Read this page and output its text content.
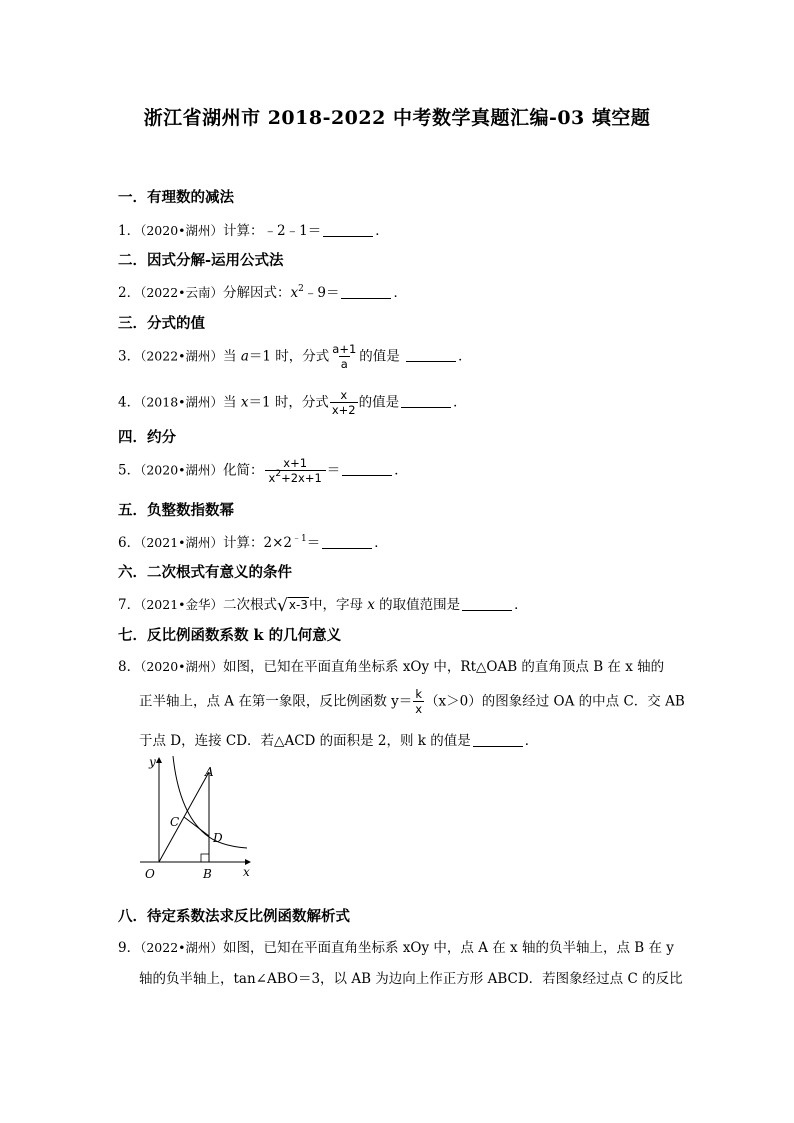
浙江省湖州市 2018-2022 中考数学真题汇编-03 填空题
一．有理数的减法
1．（2020•湖州）计算：﹣2﹣1＝	．
二．因式分解-运用公式法
2．（2022•云南）分解因式：$x^2﹣9=$	．
三．分式的值
3．（2022•湖州）当 a＝1 时，分式 $\frac{a+1}{a}$ 的值是	．
4．（2018•湖州）当 x＝1 时，分式 $\frac{x}{x+2}$ 的值是	．
四．约分
5．（2020•湖州）化简： $\frac{x+1}{x^2+2x+1}$ ＝	．
五．负整数指数幂
6．（2021•湖州）计算：$2\times 2^{﹣1}=$	．
六．二次根式有意义的条件
7．（2021•金华）二次根式√x-3中，字母 x 的取值范围是	．
七．反比例函数系数 k 的几何意义
8．（2020•湖州）如图，已知在平面直角坐标系 xOy 中，Rt△OAB 的直角顶点 B 在 x 轴的
正半轴上，点 A 在第一象限，反比例函数 $y= \frac{k}{x} (x>0)$的图象经过 OA 的中点 C．交 AB
于点 D，连接 CD．若△ACD 的面积是 2，则 k 的值是	．
y
x
O
A
B
C
D
八．待定系数法求反比例函数解析式
9．（2022•湖州）如图，已知在平面直角坐标系 xOy 中，点 A 在 x 轴的负半轴上，点 B 在 y
轴的负半轴上，tan∠ABO＝3，以 AB 为边向上作正方形 ABCD．若图象经过点 C 的反比
